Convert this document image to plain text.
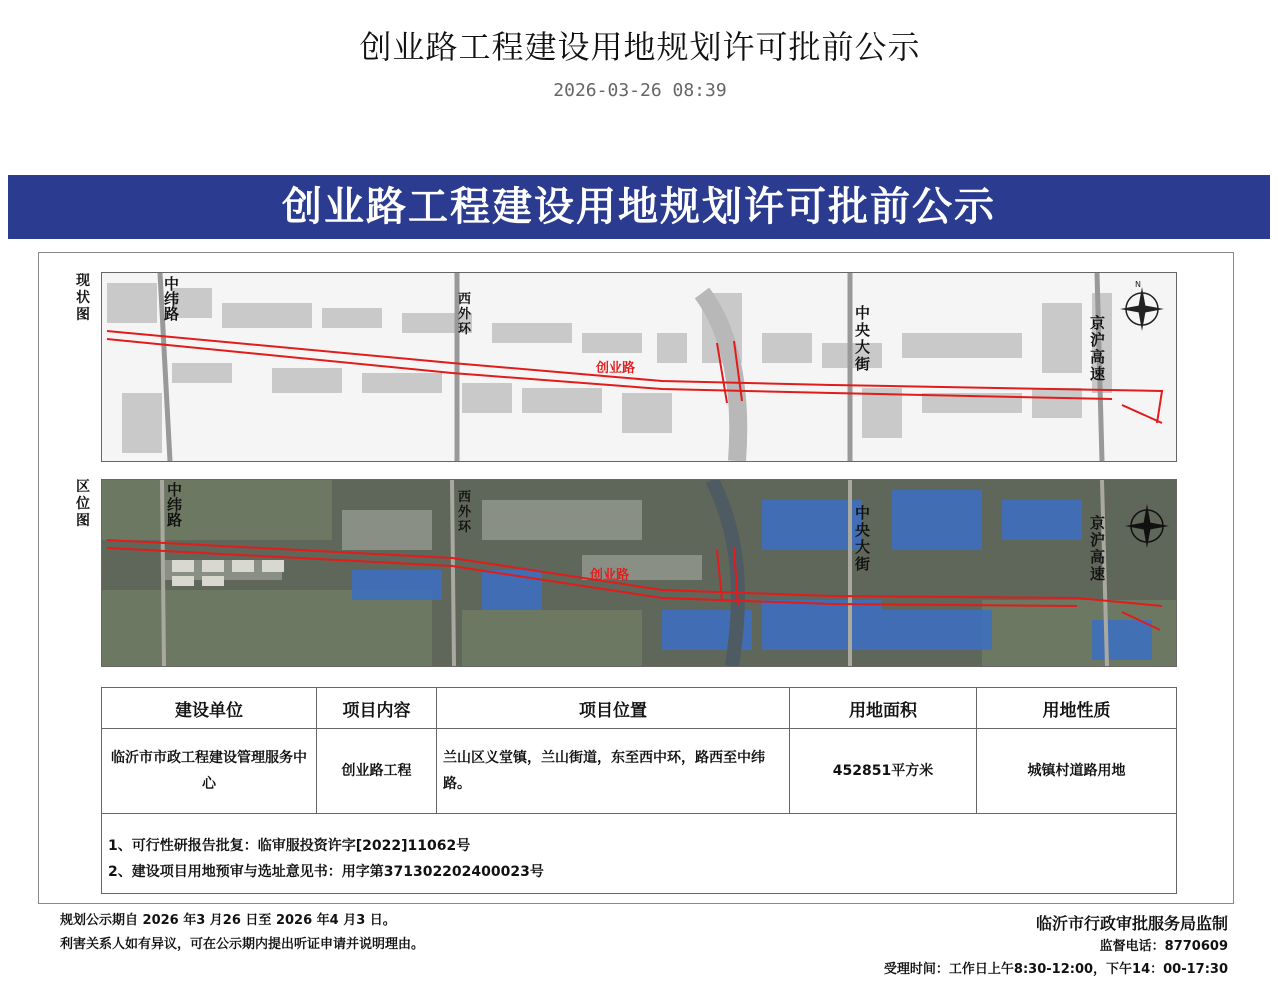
创业路工程建设用地规划许可批前公示
2026-03-26 08:39
创业路工程建设用地规划许可批前公示
现状图
区位图
N
中纬路
西外环
创业路
中央大街
京沪高速
中纬路
西外环
创业路
中央大街
京沪高速
建设单位	项目内容	项目位置	用地面积	用地性质
临沂市市政工程建设管理服务中心	创业路工程	兰山区义堂镇，兰山街道，东至西中环，路西至中纬路。	452851平方米	城镇村道路用地
1、可行性研报告批复：临审服投资许字[2022]11062号
2、建设项目用地预审与选址意见书：用字第371302202400023号
规划公示期自 2026 年3 月26 日至 2026 年4 月3 日。
利害关系人如有异议，可在公示期内提出听证申请并说明理由。
临沂市行政审批服务局监制
监督电话：8770609
受理时间：工作日上午8:30-12:00，下午14：00-17:30
